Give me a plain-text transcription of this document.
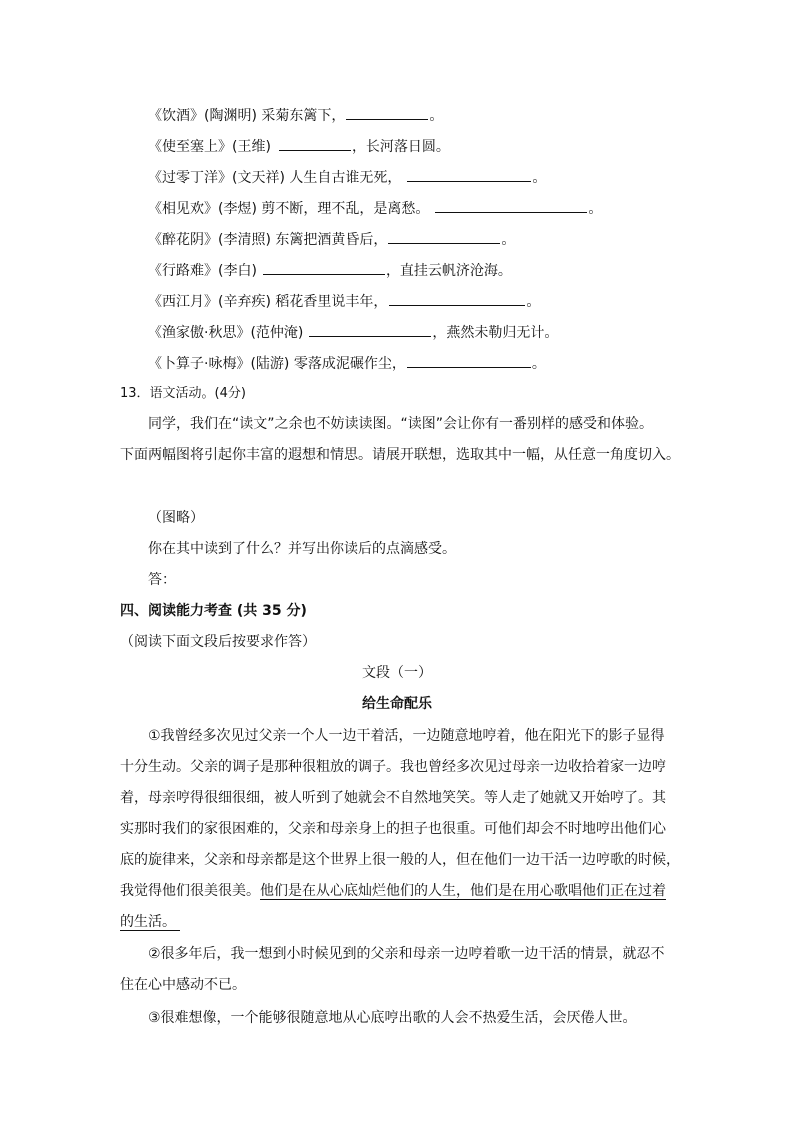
《饮酒》(陶渊明) 采菊东篱下，	。
《使至塞上》(王维)	，长河落日圆。
《过零丁洋》(文天祥) 人生自古谁无死，	。
《相见欢》(李煜) 剪不断，理不乱，是离愁。	。
《醉花阴》(李清照) 东篱把酒黄昏后，	。
《行路难》(李白)	，直挂云帆济沧海。
《西江月》(辛弃疾) 稻花香里说丰年，	。
《渔家傲·秋思》(范仲淹)	，燕然未勒归无计。
《卜算子·咏梅》(陆游) 零落成泥碾作尘，	。
13．语文活动。(4分)
同学，我们在“读文”之余也不妨读读图。“读图”会让你有一番别样的感受和体验。
下面两幅图将引起你丰富的遐想和情思。请展开联想，选取其中一幅，从任意一角度切入。
（图略）
你在其中读到了什么？并写出你读后的点滴感受。
答：
四、阅读能力考查 (共 35 分)
（阅读下面文段后按要求作答）
文段（一）
给生命配乐
①我曾经多次见过父亲一个人一边干着活，一边随意地哼着，他在阳光下的影子显得
十分生动。父亲的调子是那种很粗放的调子。我也曾经多次见过母亲一边收拾着家一边哼
着，母亲哼得很细很细，被人听到了她就会不自然地笑笑。等人走了她就又开始哼了。其
实那时我们的家很困难的，父亲和母亲身上的担子也很重。可他们却会不时地哼出他们心
底的旋律来，父亲和母亲都是这个世界上很一般的人，但在他们一边干活一边哼歌的时候，
我觉得他们很美很美。他们是在从心底灿烂他们的人生，他们是在用心歌唱他们正在过着
的生活。
②很多年后，我一想到小时候见到的父亲和母亲一边哼着歌一边干活的情景，就忍不
住在心中感动不已。
③很难想像，一个能够很随意地从心底哼出歌的人会不热爱生活，会厌倦人世。
